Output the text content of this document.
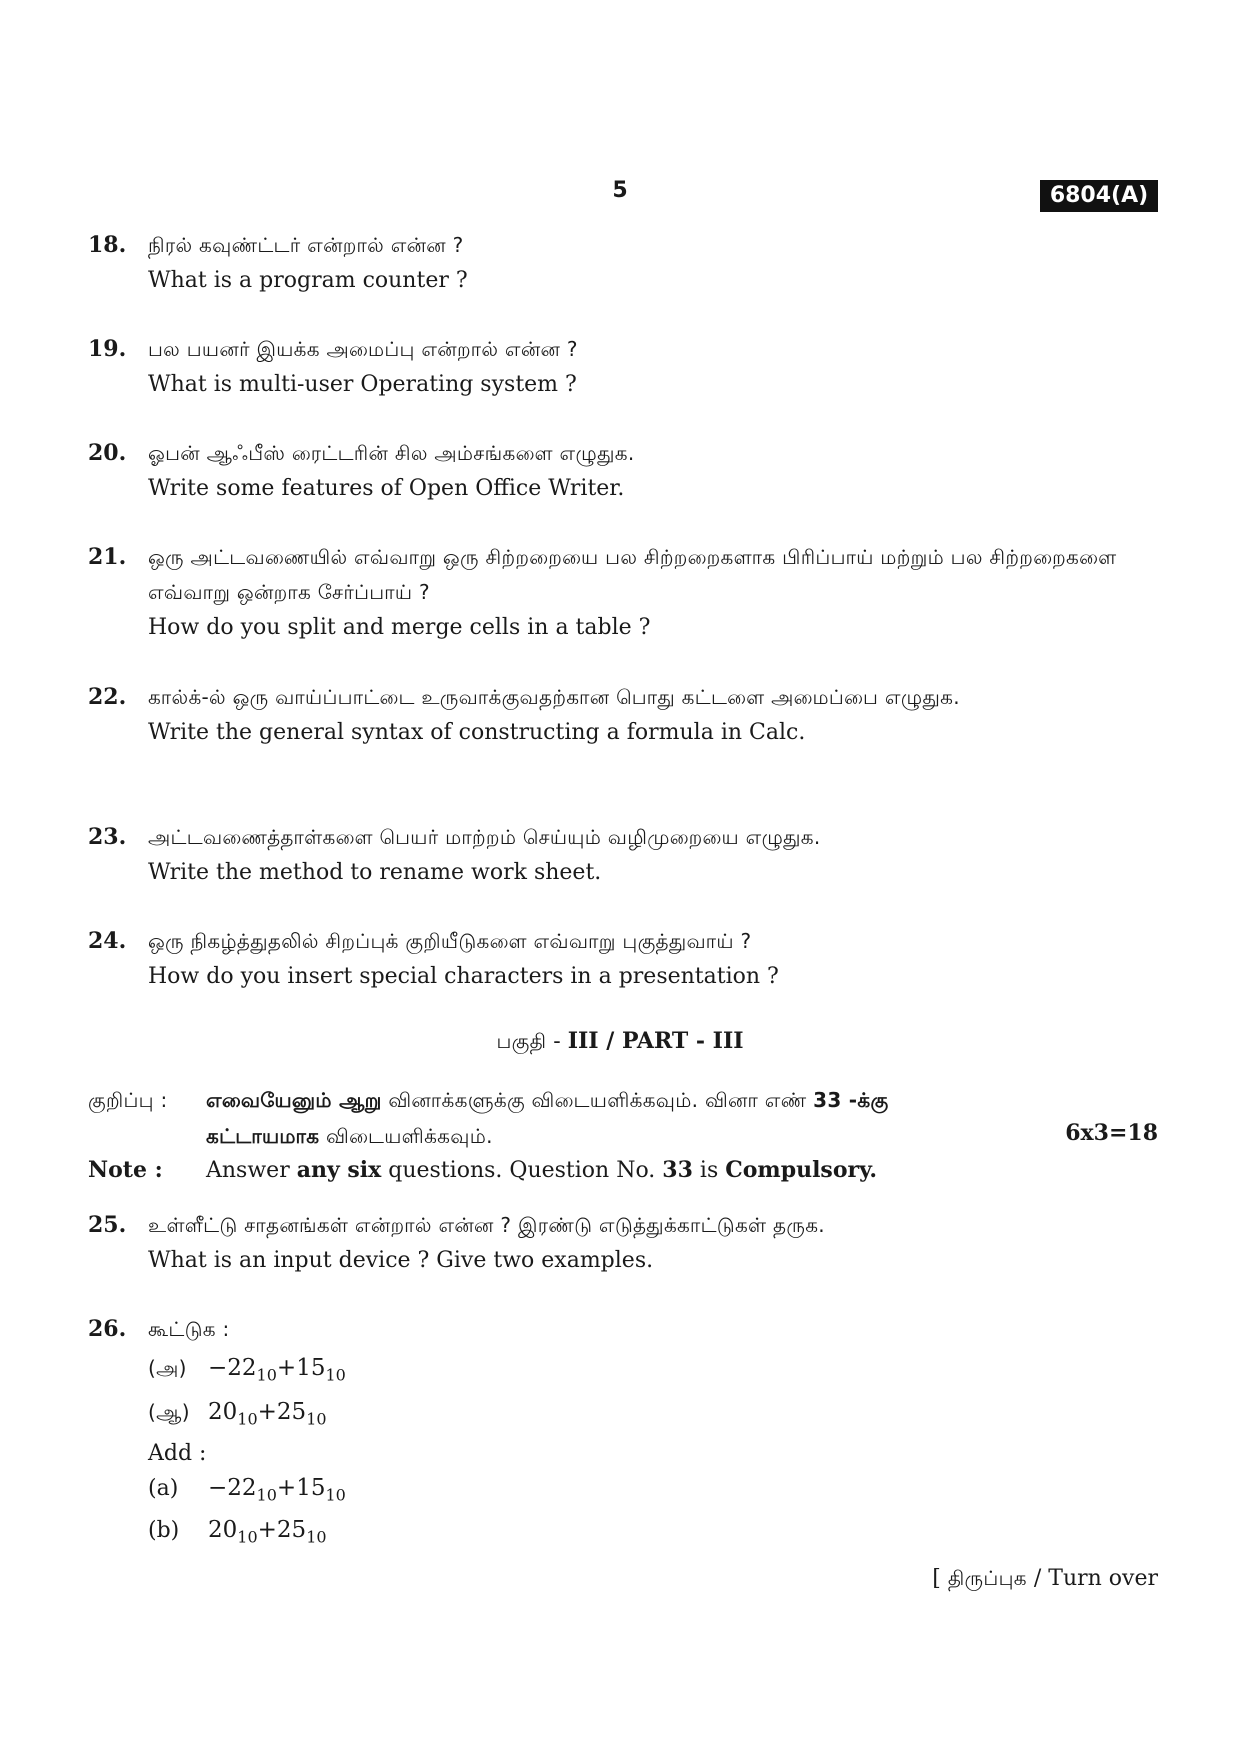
5	6804(A)
18.	நிரல் கவுண்ட்டர் என்றால் என்ன ?
What is a program counter ?
19.	பல பயனர் இயக்க அமைப்பு என்றால் என்ன ?
What is multi-user Operating system ?
20.	ஓபன் ஆஃபீஸ் ரைட்டரின் சில அம்சங்களை எழுதுக.
Write some features of Open Office Writer.
21.	ஒரு அட்டவணையில் எவ்வாறு ஒரு சிற்றறையை பல சிற்றறைகளாக பிரிப்பாய் மற்றும் பல சிற்றறைகளை எவ்வாறு ஒன்றாக சேர்ப்பாய் ?
How do you split and merge cells in a table ?
22.	கால்க்-ல் ஒரு வாய்ப்பாட்டை உருவாக்குவதற்கான பொது கட்டளை அமைப்பை எழுதுக.
Write the general syntax of constructing a formula in Calc.
23.	அட்டவணைத்தாள்களை பெயர் மாற்றம் செய்யும் வழிமுறையை எழுதுக.
Write the method to rename work sheet.
24.	ஒரு நிகழ்த்துதலில் சிறப்புக் குறியீடுகளை எவ்வாறு புகுத்துவாய் ?
How do you insert special characters in a presentation ?
பகுதி - III / PART - III
குறிப்பு :	எவையேனும் ஆறு வினாக்களுக்கு விடையளிக்கவும். வினா எண் 33 -க்கு கட்டாயமாக விடையளிக்கவும்.	6x3=18
Note :	Answer any six questions. Question No. 33 is Compulsory.
25.	உள்ளீட்டு சாதனங்கள் என்றால் என்ன ? இரண்டு எடுத்துக்காட்டுகள் தருக.
What is an input device ? Give two examples.
26.	கூட்டுக :
(அ) $-22_{10}+15_{10}$
(ஆ) $20_{10}+25_{10}$
Add :
(a)	$-22_{10}+15_{10}$
(b)	$20_{10}+25_{10}$
[ திருப்புக / Turn over
